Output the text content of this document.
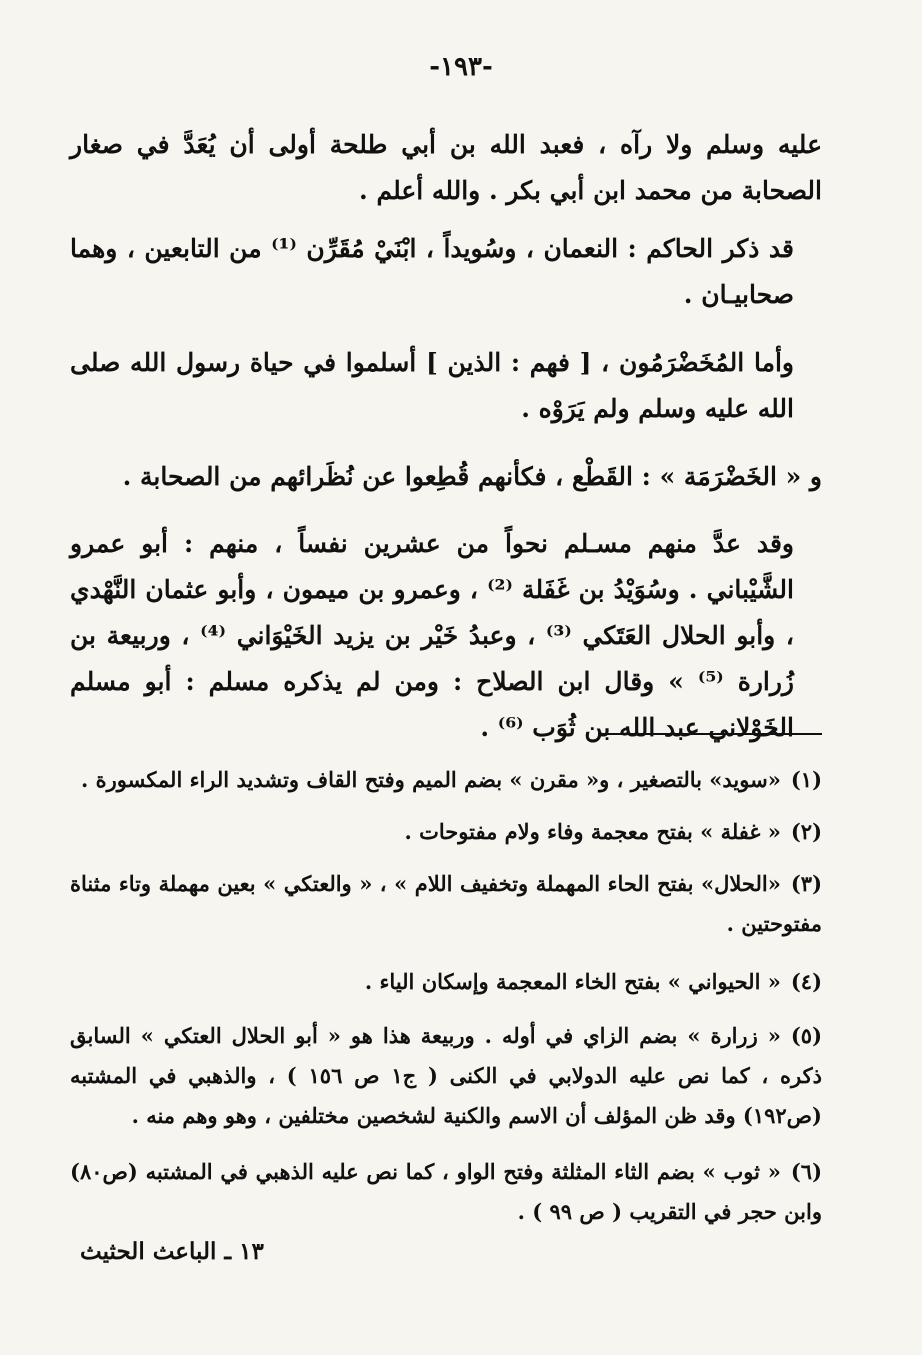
-١٩٣-

عليه وسلم ولا رآه ، فعبد الله بن أبي طلحة أولى أن يُعَدَّ في صغار الصحابة من محمد ابن أبي بكر . والله أعلم .

قد ذكر الحاكم : النعمان ، وسُويداً ، ابْنَيْ مُقَرِّن ⁽¹⁾ من التابعين ، وهما صحابيـان .

وأما المُخَضْرَمُون ، [ فهم : الذين ] أسلموا في حياة رسول الله صلى الله عليه وسلم ولم يَرَوْه .

و « الخَضْرَمَة » : القَطْع ، فكأنهم قُطِعوا عن نُظَرائهم من الصحابة .

وقد عدَّ منهم مسـلم نحواً من عشرين نفساً ، منهم : أبو عمرو الشَّيْباني . وسُوَيْدُ بن غَفَلة ⁽²⁾ ، وعمرو بن ميمون ، وأبو عثمان النَّهْدي ، وأبو الحلال العَتَكي ⁽³⁾ ، وعبدُ خَيْر بن يزيد الخَيْوَاني ⁽⁴⁾ ، وربيعة بن زُرارة ⁽⁵⁾ » وقال ابن الصلاح : ومن لم يذكره مسلم : أبو مسلم الخَوْلاني عبد الله بن ثُوَب ⁽⁶⁾ .

(١)«سويد» بالتصغير ، و« مقرن » بضم الميم وفتح القاف وتشديد الراء المكسورة .
(٢)« غفلة » بفتح معجمة وفاء ولام مفتوحات .
(٣)«الحلال» بفتح الحاء المهملة وتخفيف اللام » ، « والعتكي » بعين مهملة وتاء مثناة مفتوحتين .
(٤)« الحيواني » بفتح الخاء المعجمة وإسكان الياء .
(٥)« زرارة » بضم الزاي في أوله . وربيعة هذا هو « أبو الحلال العتكي » السابق ذكره ، كما نص عليه الدولابي في الكنى ( ج١ ص ١٥٦ ) ، والذهبي في المشتبه (ص١٩٢) وقد ظن المؤلف أن الاسم والكنية لشخصين مختلفين ، وهو وهم منه .
(٦)« ثوب » بضم الثاء المثلثة وفتح الواو ، كما نص عليه الذهبي في المشتبه (ص٨٠) وابن حجر في التقريب ( ص ٩٩ ) .
١٣ ـ الباعث الحثيث
